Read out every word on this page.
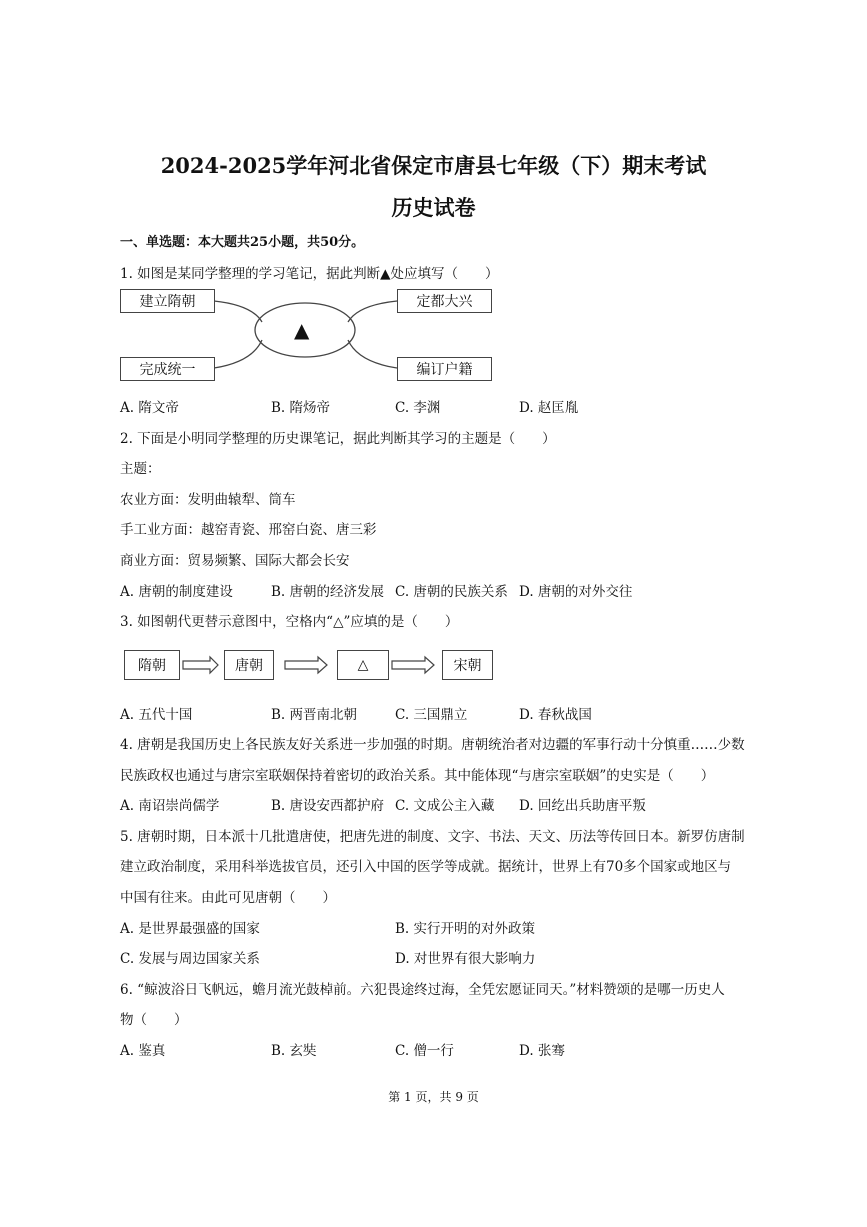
2024-2025学年河北省保定市唐县七年级（下）期末考试
历史试卷
一、单选题：本大题共25小题，共50分。
1. 如图是某同学整理的学习笔记，据此判断▲处应填写（　　）
建立隋朝
完成统一
定都大兴
编订户籍
▲
A. 隋文帝	B. 隋炀帝	C. 李渊	D. 赵匡胤
2. 下面是小明同学整理的历史课笔记，据此判断其学习的主题是（　　）
主题：
农业方面：发明曲辕犁、筒车
手工业方面：越窑青瓷、邢窑白瓷、唐三彩
商业方面：贸易频繁、国际大都会长安
A. 唐朝的制度建设	B. 唐朝的经济发展 C. 唐朝的民族关系 D. 唐朝的对外交往
3. 如图朝代更替示意图中，空格内“△”应填的是（　　）
隋朝	唐朝	△	宋朝
A. 五代十国	B. 两晋南北朝	C. 三国鼎立	D. 春秋战国
4. 唐朝是我国历史上各民族友好关系进一步加强的时期。唐朝统治者对边疆的军事行动十分慎重……少数
民族政权也通过与唐宗室联姻保持着密切的政治关系。其中能体现“与唐宗室联姻”的史实是（　　）
A. 南诏崇尚儒学	B. 唐设安西都护府 C. 文成公主入藏 D. 回纥出兵助唐平叛
5. 唐朝时期，日本派十几批遣唐使，把唐先进的制度、文字、书法、天文、历法等传回日本。新罗仿唐制
建立政治制度，采用科举选拔官员，还引入中国的医学等成就。据统计，世界上有70多个国家或地区与
中国有往来。由此可见唐朝（　　）
A. 是世界最强盛的国家	B. 实行开明的对外政策
C. 发展与周边国家关系	D. 对世界有很大影响力
6. “鲸波浴日飞帆远，蟾月流光鼓棹前。六犯畏途终过海，全凭宏愿证同天。”材料赞颂的是哪一历史人
物（　　）
A. 鉴真	B. 玄奘	C. 僧一行	D. 张骞
第 1 页，共 9 页
